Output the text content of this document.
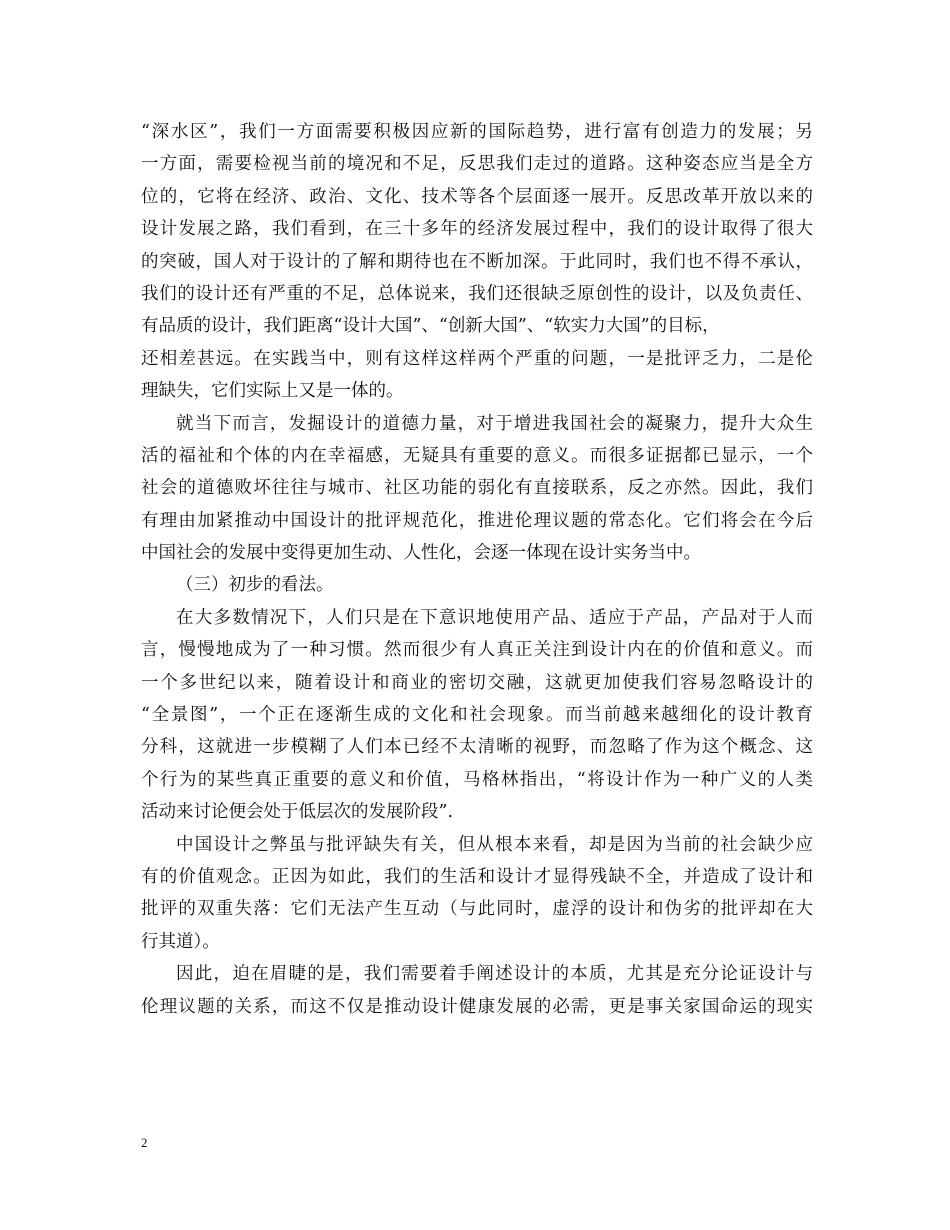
“深水区”，我们一方面需要积极因应新的国际趋势，进行富有创造力的发展；另
一方面，需要检视当前的境况和不足，反思我们走过的道路。这种姿态应当是全方
位的，它将在经济、政治、文化、技术等各个层面逐一展开。反思改革开放以来的
设计发展之路，我们看到，在三十多年的经济发展过程中，我们的设计取得了很大
的突破，国人对于设计的了解和期待也在不断加深。于此同时，我们也不得不承认，
我们的设计还有严重的不足，总体说来，我们还很缺乏原创性的设计，以及负责任、
有品质的设计，我们距离“设计大国”、“创新大国”、“软实力大国”的目标，
还相差甚远。在实践当中，则有这样这样两个严重的问题，一是批评乏力，二是伦
理缺失，它们实际上又是一体的。
就当下而言，发掘设计的道德力量，对于增进我国社会的凝聚力，提升大众生
活的福祉和个体的内在幸福感，无疑具有重要的意义。而很多证据都已显示，一个
社会的道德败坏往往与城市、社区功能的弱化有直接联系，反之亦然。因此，我们
有理由加紧推动中国设计的批评规范化，推进伦理议题的常态化。它们将会在今后
中国社会的发展中变得更加生动、人性化，会逐一体现在设计实务当中。
（三）初步的看法。
在大多数情况下，人们只是在下意识地使用产品、适应于产品，产品对于人而
言，慢慢地成为了一种习惯。然而很少有人真正关注到设计内在的价值和意义。而
一个多世纪以来，随着设计和商业的密切交融，这就更加使我们容易忽略设计的
“全景图”，一个正在逐渐生成的文化和社会现象。而当前越来越细化的设计教育
分科，这就进一步模糊了人们本已经不太清晰的视野，而忽略了作为这个概念、这
个行为的某些真正重要的意义和价值，马格林指出，“将设计作为一种广义的人类
活动来讨论便会处于低层次的发展阶段”.
中国设计之弊虽与批评缺失有关，但从根本来看，却是因为当前的社会缺少应
有的价值观念。正因为如此，我们的生活和设计才显得残缺不全，并造成了设计和
批评的双重失落：它们无法产生互动（与此同时，虚浮的设计和伪劣的批评却在大
行其道）。
因此，迫在眉睫的是，我们需要着手阐述设计的本质，尤其是充分论证设计与
伦理议题的关系，而这不仅是推动设计健康发展的必需，更是事关家国命运的现实
2
